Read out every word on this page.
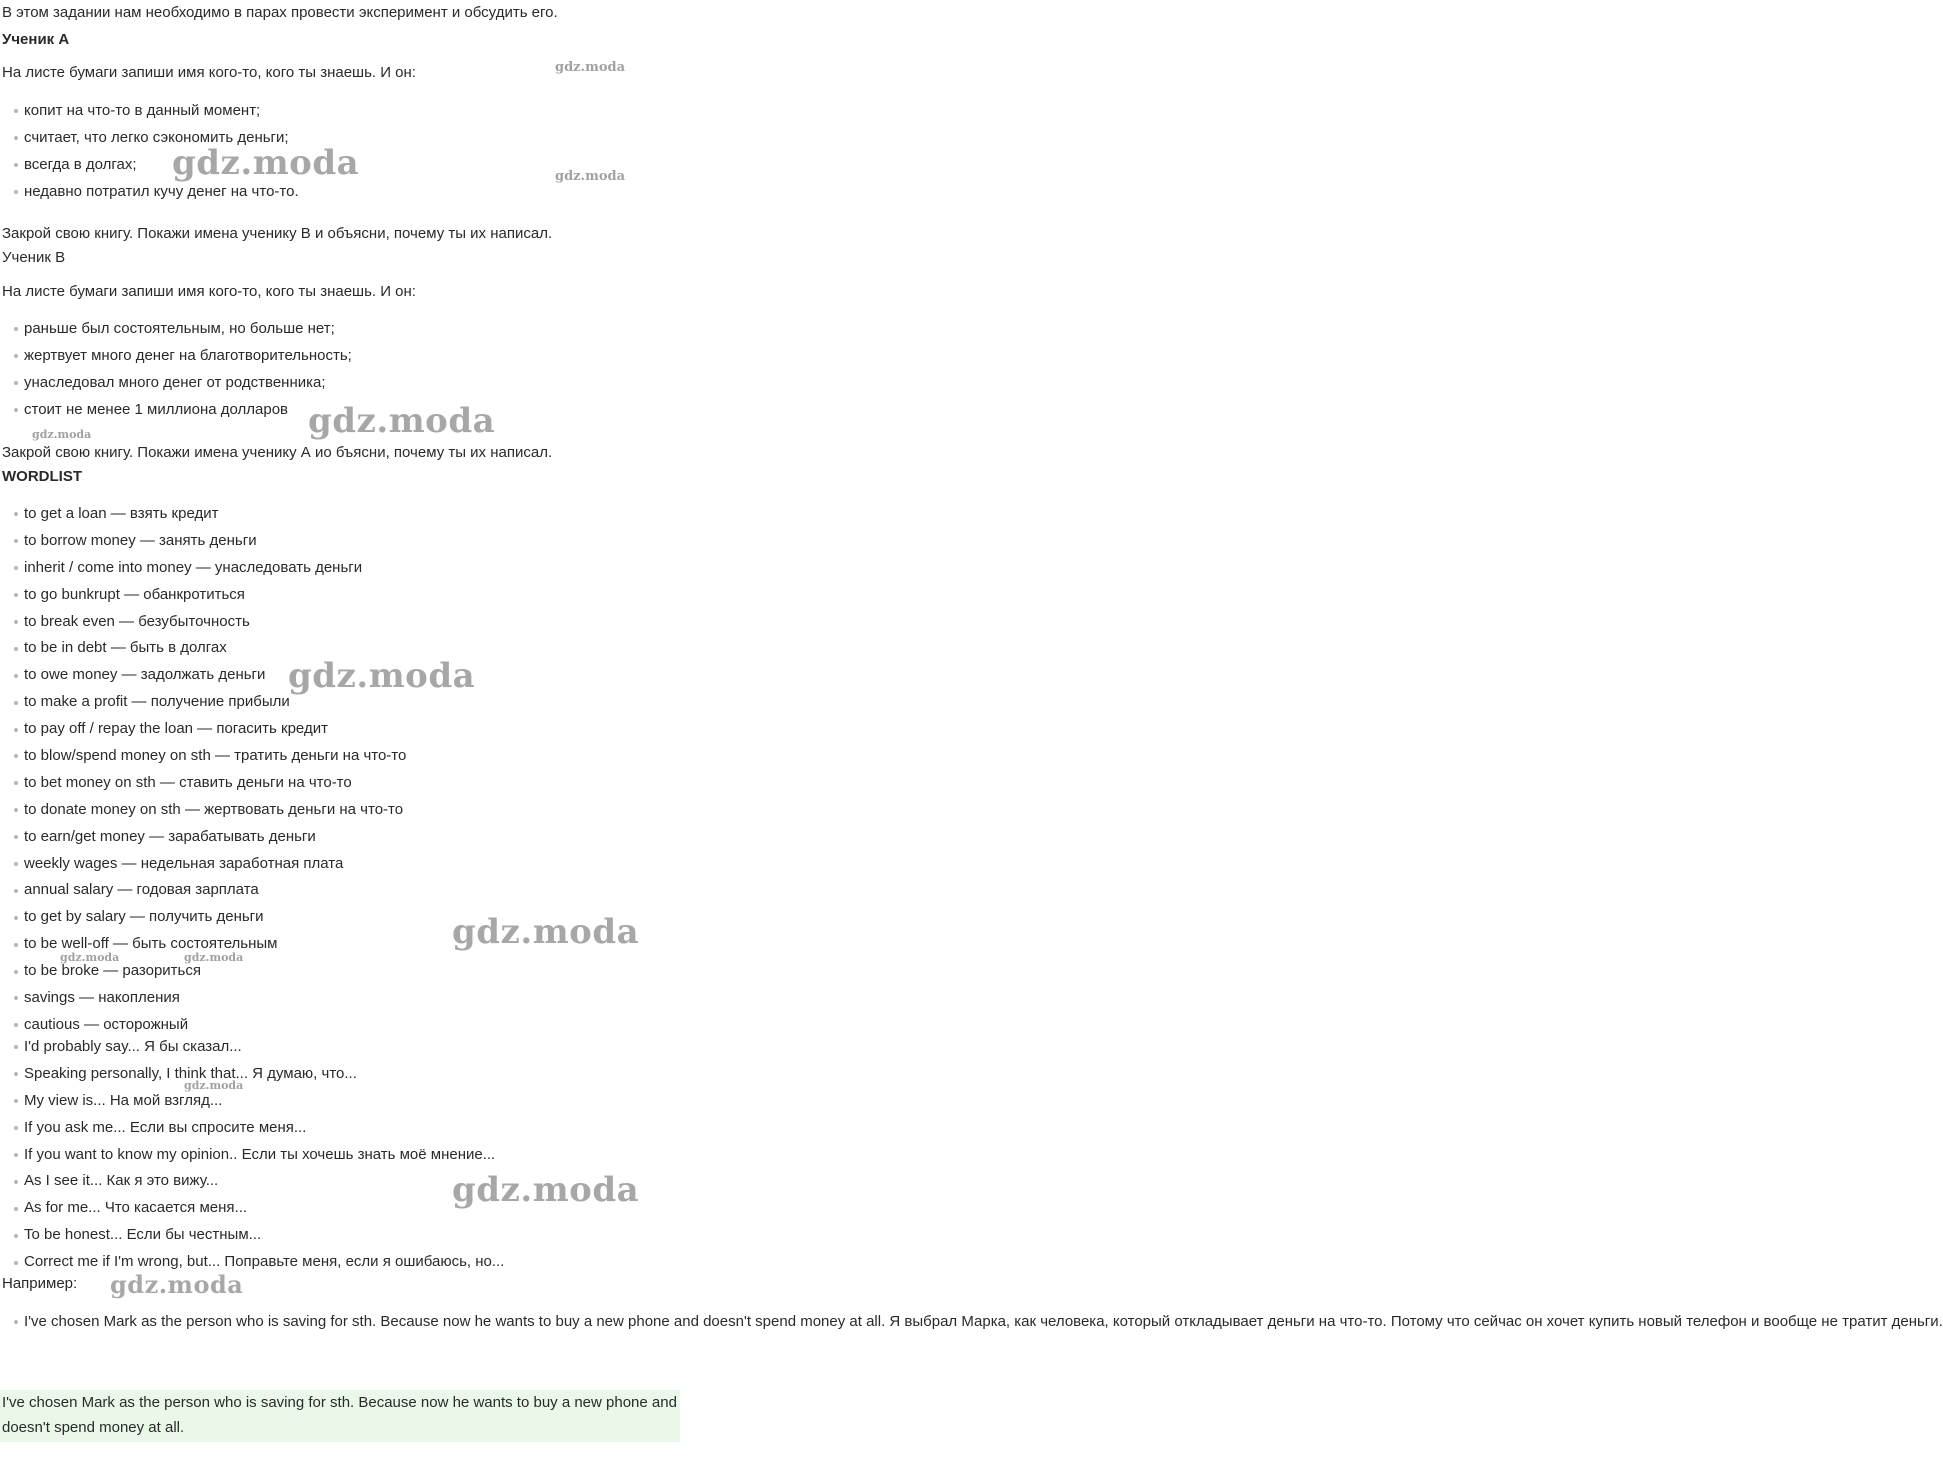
В этом задании нам необходимо в парах провести эксперимент и обсудить его.
Ученик А
На листе бумаги запиши имя кого-то, кого ты знаешь. И он:
копит на что-то в данный момент;
считает, что легко сэкономить деньги;
всегда в долгах;
недавно потратил кучу денег на что-то.
Закрой свою книгу. Покажи имена ученику В и объясни, почему ты их написал.
Ученик В
На листе бумаги запиши имя кого-то, кого ты знаешь. И он:
раньше был состоятельным, но больше нет;
жертвует много денег на благотворительность;
унаследовал много денег от родственника;
стоит не менее 1 миллиона долларов
Закрой свою книгу. Покажи имена ученику А ио бъясни, почему ты их написал.
WORDLIST
to get a loan — взять кредит
to borrow money — занять деньги
inherit / come into money — унаследовать деньги
to go bunkrupt — обанкротиться
to break even — безубыточность
to be in debt — быть в долгах
to owe money — задолжать деньги
to make a profit — получение прибыли
to pay off / repay the loan — погасить кредит
to blow/spend money on sth — тратить деньги на что-то
to bet money on sth — ставить деньги на что-то
to donate money on sth — жертвовать деньги на что-то
to earn/get money — зарабатывать деньги
weekly wages — недельная заработная плата
annual salary — годовая зарплата
to get by salary — получить деньги
to be well-off — быть состоятельным
to be broke — разориться
savings — накопления
cautious — осторожный
I'd probably say... Я бы сказал...
Speaking personally, I think that... Я думаю, что...
My view is... На мой взгляд...
If you ask me... Если вы спросите меня...
If you want to know my opinion.. Если ты хочешь знать моё мнение...
As I see it... Как я это вижу...
As for me... Что касается меня...
To be honest... Если бы честным...
Correct me if I'm wrong, but... Поправьте меня, если я ошибаюсь, но...
Например:
I've chosen Mark as the person who is saving for sth. Because now he wants to buy a new phone and doesn't spend money at all. Я выбрал Марка, как человека, который откладывает деньги на что-то. Потому что сейчас он хочет купить новый телефон и вообще не тратит деньги.
I've chosen Mark as the person who is saving for sth. Because now he wants to buy a new phone and doesn't spend money at all.
gdz.moda
gdz.moda
gdz.moda
gdz.moda
gdz.moda
gdz.moda
gdz.moda
gdz.moda
gdz.moda
gdz.moda	gdz.moda
gdz.moda
